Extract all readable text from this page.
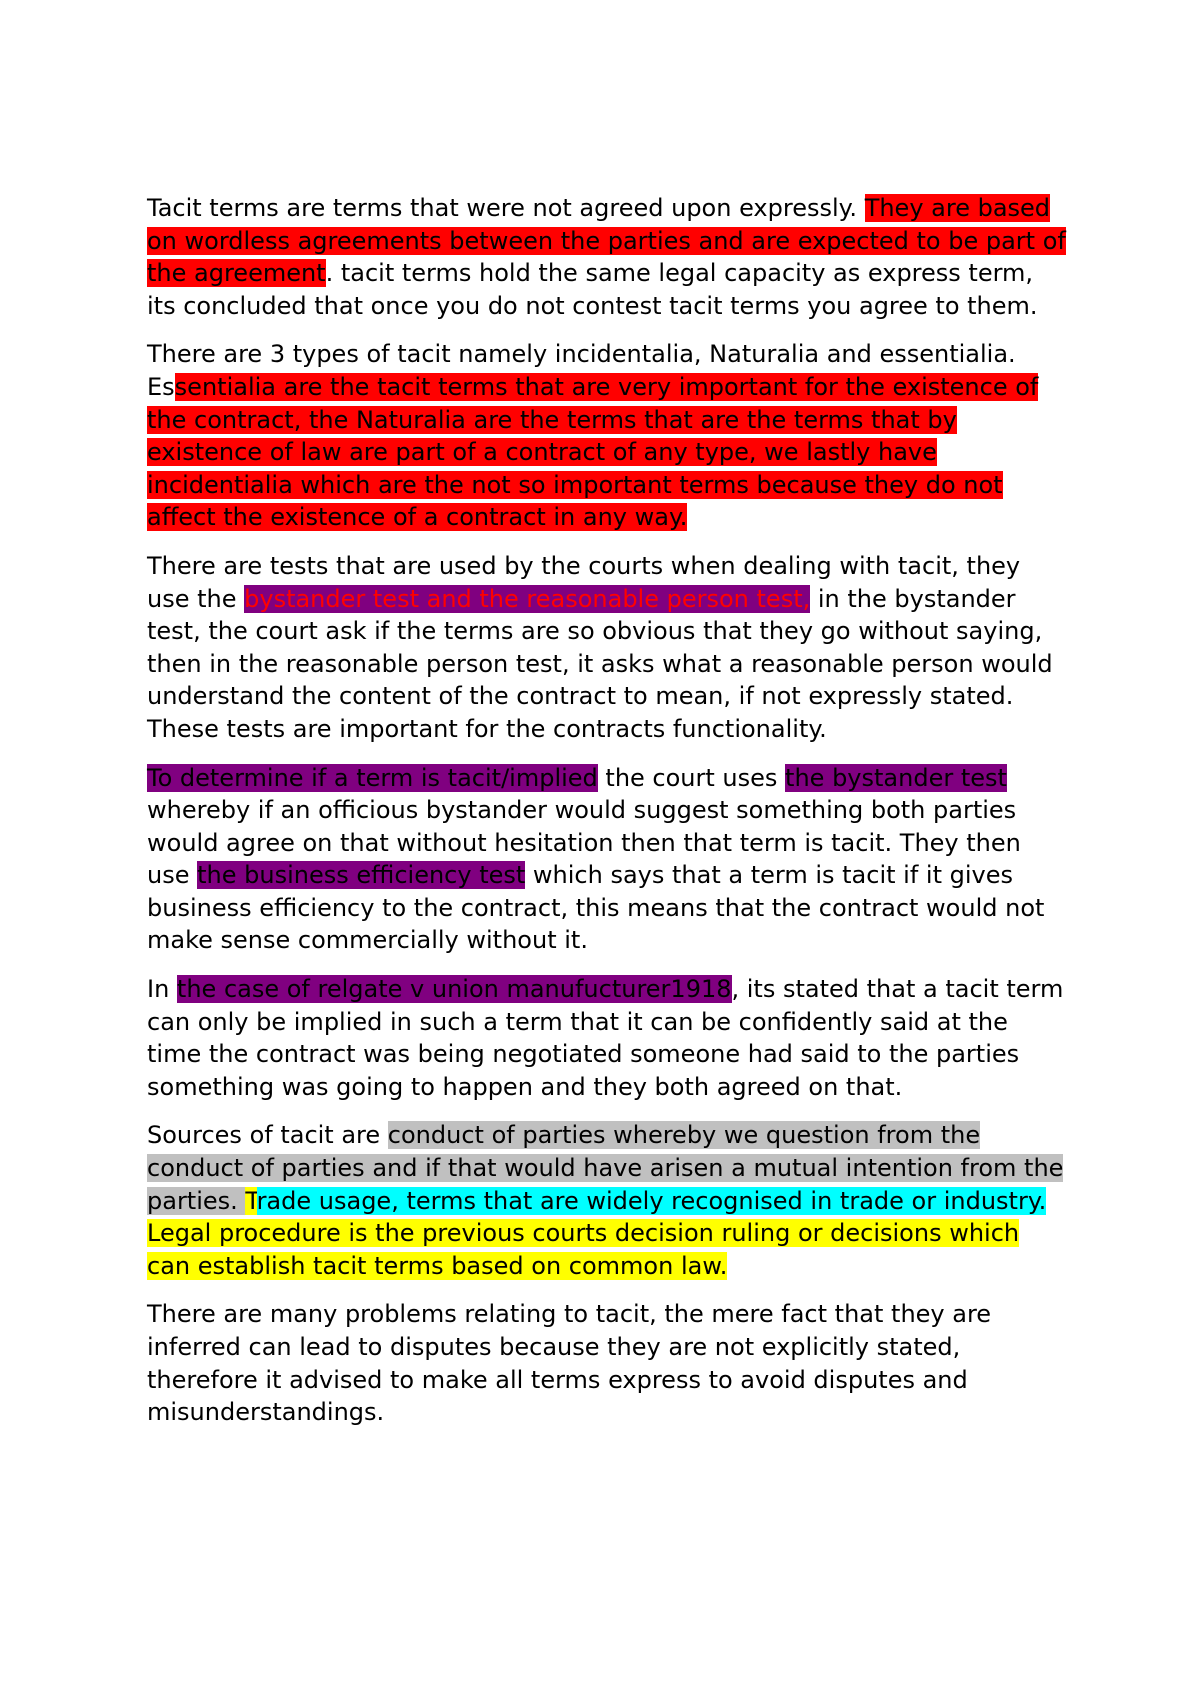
Tacit terms are terms that were not agreed upon expressly. They are based on wordless agreements between the parties and are expected to be part of the agreement. tacit terms hold the same legal capacity as express term, its concluded that once you do not contest tacit terms you agree to them.

There are 3 types of tacit namely incidentalia, Naturalia and essentialia. Essentialia are the tacit terms that are very important for the existence of the contract, the Naturalia are the terms that are the terms that by existence of law are part of a contract of any type, we lastly have incidentialia which are the not so important terms because they do not affect the existence of a contract in any way.

There are tests that are used by the courts when dealing with tacit, they use the bystander test and the reasonable person test, in the bystander test, the court ask if the terms are so obvious that they go without saying, then in the reasonable person test, it asks what a reasonable person would understand the content of the contract to mean, if not expressly stated. These tests are important for the contracts functionality.

To determine if a term is tacit/implied the court uses the bystander test whereby if an officious bystander would suggest something both parties would agree on that without hesitation then that term is tacit. They then use the business efficiency test which says that a term is tacit if it gives business efficiency to the contract, this means that the contract would not make sense commercially without it.

In the case of relgate v union manufucturer1918, its stated that a tacit term can only be implied in such a term that it can be confidently said at the time the contract was being negotiated someone had said to the parties something was going to happen and they both agreed on that.

Sources of tacit are conduct of parties whereby we question from the conduct of parties and if that would have arisen a mutual intention from the parties. Trade usage, terms that are widely recognised in trade or industry. Legal procedure is the previous courts decision ruling or decisions which can establish tacit terms based on common law.

There are many problems relating to tacit, the mere fact that they are inferred can lead to disputes because they are not explicitly stated, therefore it advised to make all terms express to avoid disputes and misunderstandings.
